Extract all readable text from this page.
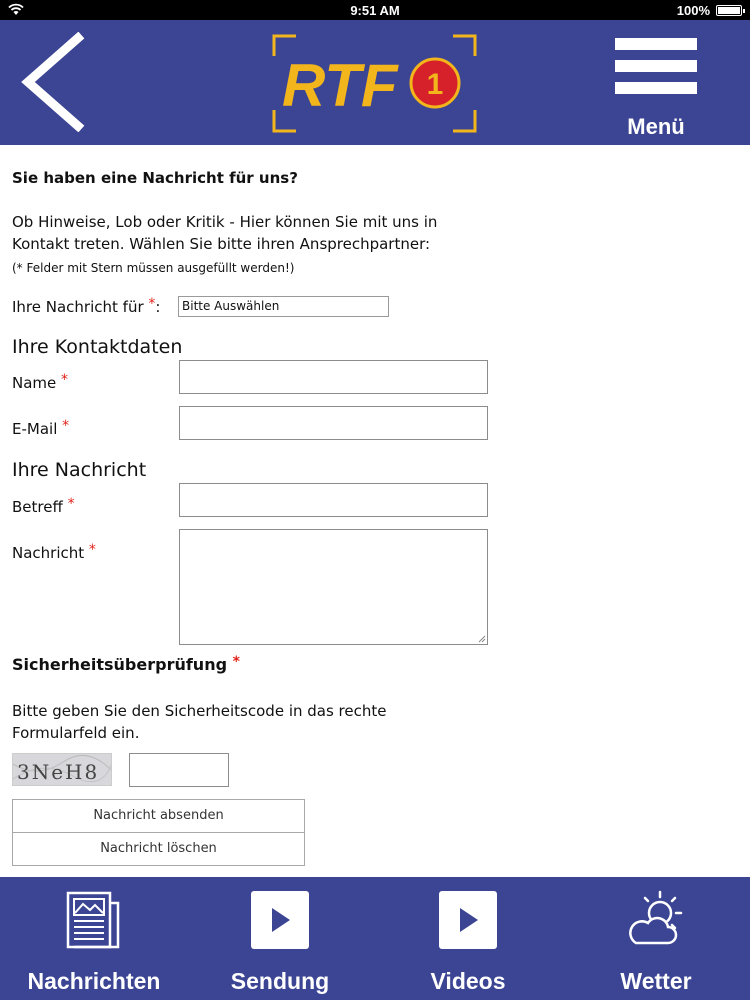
9:51 AM	100%
RTF 1
Menü
Sie haben eine Nachricht für uns?
Ob Hinweise, Lob oder Kritik - Hier können Sie mit uns in Kontakt treten. Wählen Sie bitte ihren Ansprechpartner:
(* Felder mit Stern müssen ausgefüllt werden!)
Ihre Nachricht für *:	Bitte Auswählen
Ihre Kontaktdaten
Name *
E-Mail *
Ihre Nachricht
Betreff *
Nachricht *
Sicherheitsüberprüfung *
Bitte geben Sie den Sicherheitscode in das rechte Formularfeld ein.
3NeH8
Nachricht absenden
Nachricht löschen
Nachrichten	Sendung	Videos	Wetter
